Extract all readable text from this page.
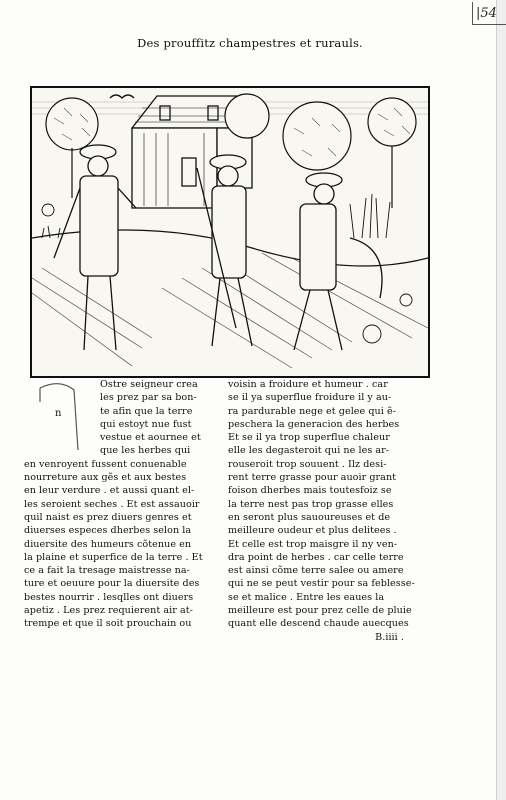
|54
Des prouffitz champestres et rurauls.
n
Ostre seigneur crea
les prez par sa bon-
te afin que la terre
qui estoyt nue fust
vestue et aournee et
que les herbes qui
en venroyent fussent conuenable
nourreture aux gẽs et aux bestes
en leur verdure . et aussi quant el-
les seroient seches . Et est assauoir
quil naist es prez diuers genres et
diuerses especes dherbes selon la
diuersite des humeurs cõtenue en
la plaine et superfice de la terre . Et
ce a fait la tresage maistresse na-
ture et oeuure pour la diuersite des
bestes nourrir . lesqlles ont diuers
apetiz . Les prez requierent air at-
trempe et que il soit prouchain ou
voisin a froidure et humeur . car
se il ya superflue froidure il y au-
ra pardurable nege et gelee qui ẽ-
peschera la generacion des herbes
Et se il ya trop superflue chaleur
elle les degasteroit qui ne les ar-
rouseroit trop souuent . Ilz desi-
rent terre grasse pour auoir grant
foison dherbes mais toutesfoiz se
la terre nest pas trop grasse elles
en seront plus sauoureuses et de
meilleure oudeur et plus delitees .
Et celle est trop maisgre il ny ven-
dra point de herbes . car celle terre
est ainsi cõme terre salee ou amere
qui ne se peut vestir pour sa feblesse-
se et malice . Entre les eaues la
meilleure est pour prez celle de pluie
quant elle descend chaude auecques
B.iiii .
